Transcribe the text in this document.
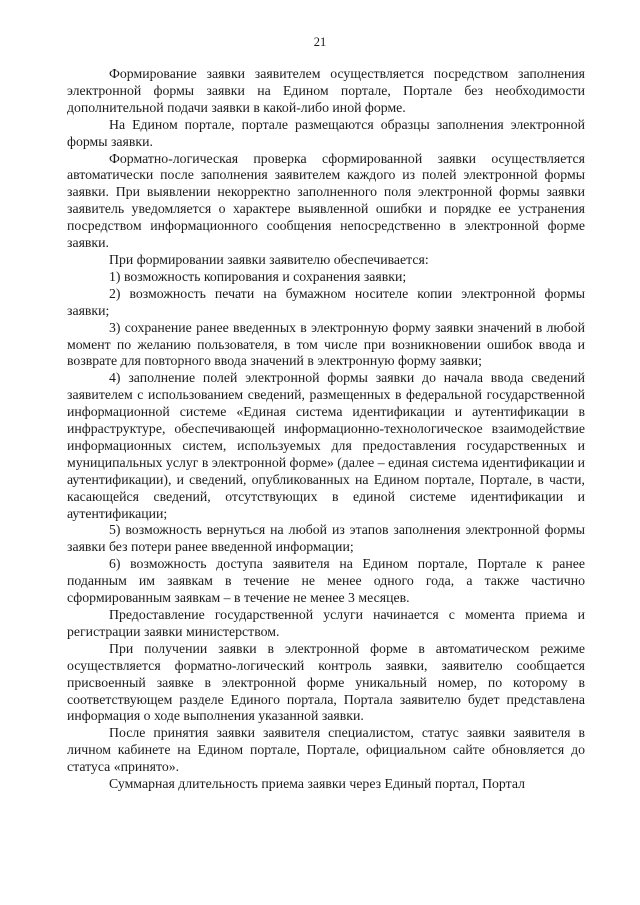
21

Формирование заявки заявителем осуществляется посредством заполнения электронной формы заявки на Едином портале, Портале без необходимости дополнительной подачи заявки в какой-либо иной форме.

На Едином портале, портале размещаются образцы заполнения электронной формы заявки.

Форматно-логическая проверка сформированной заявки осуществляется автоматически после заполнения заявителем каждого из полей электронной формы заявки. При выявлении некорректно заполненного поля электронной формы заявки заявитель уведомляется о характере выявленной ошибки и порядке ее устранения посредством информационного сообщения непосредственно в электронной форме заявки.

При формировании заявки заявителю обеспечивается:

1) возможность копирования и сохранения заявки;

2) возможность печати на бумажном носителе копии электронной формы заявки;

3) сохранение ранее введенных в электронную форму заявки значений в любой момент по желанию пользователя, в том числе при возникновении ошибок ввода и возврате для повторного ввода значений в электронную форму заявки;

4) заполнение полей электронной формы заявки до начала ввода сведений заявителем с использованием сведений, размещенных в федеральной государственной информационной системе «Единая система идентификации и аутентификации в инфраструктуре, обеспечивающей информационно-технологическое взаимодействие информационных систем, используемых для предоставления государственных и муниципальных услуг в электронной форме» (далее – единая система идентификации и аутентификации), и сведений, опубликованных на Едином портале, Портале, в части, касающейся сведений, отсутствующих в единой системе идентификации и аутентификации;

5) возможность вернуться на любой из этапов заполнения электронной формы заявки без потери ранее введенной информации;

6) возможность доступа заявителя на Едином портале, Портале к ранее поданным им заявкам в течение не менее одного года, а также частично сформированным заявкам – в течение не менее 3 месяцев.

Предоставление государственной услуги начинается с момента приема и регистрации заявки министерством.

При получении заявки в электронной форме в автоматическом режиме осуществляется форматно-логический контроль заявки, заявителю сообщается присвоенный заявке в электронной форме уникальный номер, по которому в соответствующем разделе Единого портала, Портала заявителю будет представлена информация о ходе выполнения указанной заявки.

После принятия заявки заявителя специалистом, статус заявки заявителя в личном кабинете на Едином портале, Портале, официальном сайте обновляется до статуса «принято».

Суммарная длительность приема заявки через Единый портал, Портал
